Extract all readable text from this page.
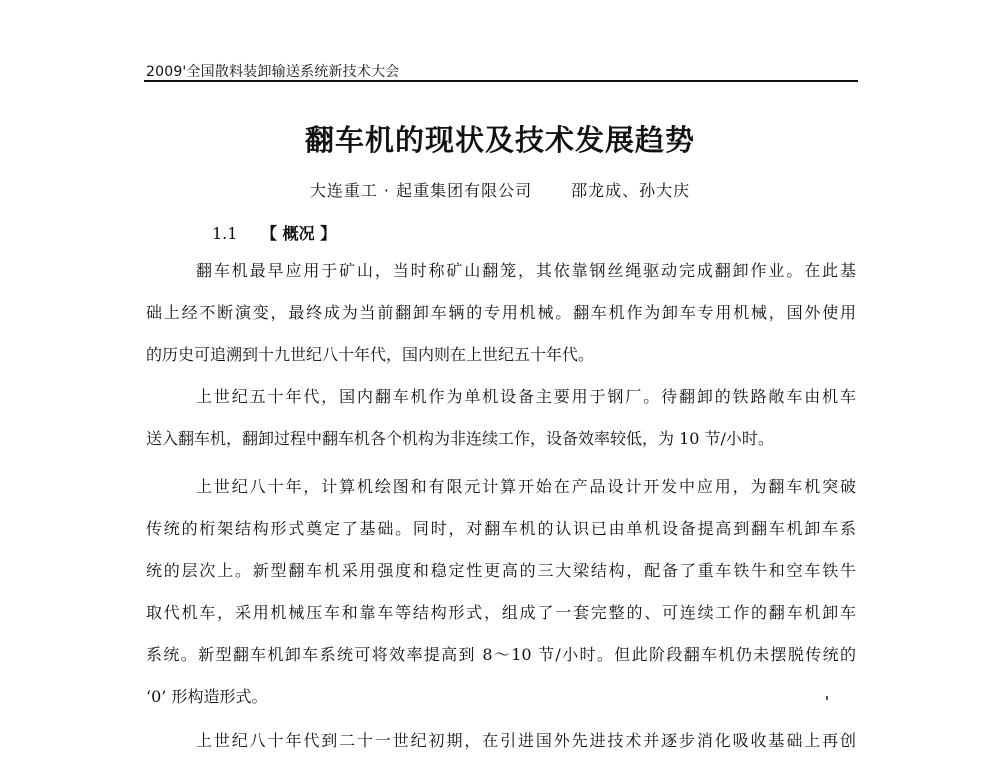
2009'全国散料装卸输送系统新技术大会
翻车机的现状及技术发展趋势
大连重工 · 起重集团有限公司 邵龙成、孙大庆
1.1 【 概况 】
翻车机最早应用于矿山，当时称矿山翻笼，其依靠钢丝绳驱动完成翻卸作业。在此基
础上经不断演变，最终成为当前翻卸车辆的专用机械。翻车机作为卸车专用机械，国外使用
的历史可追溯到十九世纪八十年代，国内则在上世纪五十年代。
上世纪五十年代，国内翻车机作为单机设备主要用于钢厂。待翻卸的铁路敞车由机车
送入翻车机，翻卸过程中翻车机各个机构为非连续工作，设备效率较低，为 10 节/小时。
上世纪八十年，计算机绘图和有限元计算开始在产品设计开发中应用，为翻车机突破
传统的桁架结构形式奠定了基础。同时，对翻车机的认识已由单机设备提高到翻车机卸车系
统的层次上。新型翻车机采用强度和稳定性更高的三大梁结构，配备了重车铁牛和空车铁牛
取代机车，采用机械压车和靠车等结构形式，组成了一套完整的、可连续工作的翻车机卸车
系统。新型翻车机卸车系统可将效率提高到 8～10 节/小时。但此阶段翻车机仍未摆脱传统的
‘0’ 形构造形式。
上世纪八十年代到二十一世纪初期，在引进国外先进技术并逐步消化吸收基础上再创
